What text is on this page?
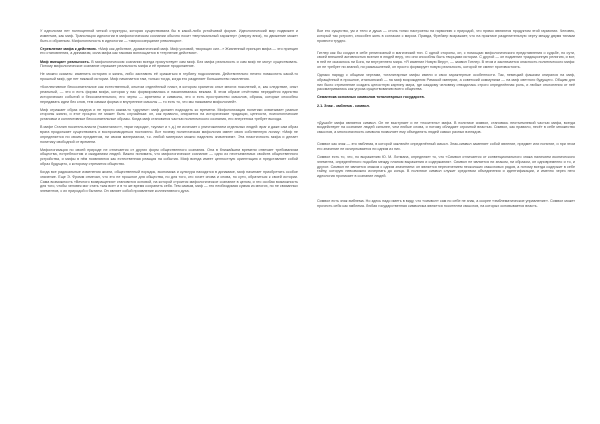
У идеологии нет полноценной четкой структуры, которая существовала бы в какой-либо устойчивой форме. Идеологический мир подвижен и изменчив, как миф. Трансляция идеологии в мифологическом сознании обычно носит «вертикальный характер» (сверху вниз), но движение может быть и обратным. Мифологичность в идеологии — «миросозерцание революции».

Стремление мифа к действию. «Миф как действие, драматический миф. Миф условий, творящих сил...» Жизненный принцип мифа — это принцип его становления, а динамизм, сила мифа как таковая воплощается в «терпение действия».

Миф вмещает реальность. В мифологическом сознании всегда присутствует сам миф. Без мифа реальность и сам миф не могут существовать. Потому мифологическое сознание отражает реальность мифа и её прямое продолжение.

Не можно сказать: изменить историю и жизнь, либо заставить её сражаться в глубину подсознания. Действительно нечего помыслить какой-то прошлый миф, где нет никакой истории. Миф начинается там, только тогда, когда его разделяет большинство населения.

«Коллективное бессознательное как естественный, опытом отделённый пласт, в котором хранится опыт многих поколений, и, как следствие, опыт реальный, — это и есть форма мифа, которая у нас формировалась и накапливалась веками. В этом образе отчётливо передаётся единство исторических событий и бессознательного, его черты — архетипы и символы, это и есть пространство смыслов, образы, которые способны передавать идеи без слов, тем самым форма и внутренние смыслы — то есть то, что мы называем мифологией».

Миф отражает образ лидера и не просто каким-то «другим»: миф должен подходить ко времени. Мифологизация политики охватывает разные стороны жизни, и этот процесс не может быть случайным: он, как правило, опирается на исторические традиции, ценности, психологические установки и коллективные бессознательные образы. Когда миф становится частью политического сознания, его энергетика требует выхода.

В мифе Сталин носитель власти («капиталист», «враг народа», «кулак» и т. д.) не исчезает с уничтожением отдельных людей: враг и даже сам образ врага продолжает существовать и воспроизводиться постоянно. Вот почему политическая мифология имеет свою собственную логику: «Миф не определяется ни своим предметом, ни своим материалом, т.к. любой материал можно наделить значением». Эта пластичность мифа и делает политику свободной от времени.

Мифологизация по своей природе не отличается от других форм общественного сознания. Она в ближайшем времени отвечает требованиям общества, потребностям и ожиданиям людей. Важно понимать, что мифологическое сознание — одно из неотъемлемых свойств общественного устройства, и мифы в нём появляются как естественная реакция на события. Миф всегда имеет ценностную ориентацию и представляет собой образ будущего, к которому стремится общество.

Когда все радикальные изменения жизни, общественный порядок, экономика и культура находятся в динамике, миф начинает приобретать особое значение. Еще Э. Фромм отмечал, что это не прошлое для общества, но для того, кто хочет снова и снова, по сути, обратиться к своей истории. Сама возможность «Вечного возвращения» становится основой, на которой строится мифологическое сознание в целом, и это особая возможность для того, чтобы человек мог стать «как все» и в то же время сохранить себя. Тем самым, миф — это необходимая сумма из многих, но не связанных элементов, с их природой и бытием. Он являет собой проявление коллективного духа.

Все его существо, ум и тело и душа — столь тонко настроены на гармонию с природой, что прямо являются продуктом этой гармонии. Человек, который так устроен, способен жить в согласии с миром. Правда, Фрейзер возражает, что на практике разделительную черту между двумя типами провести трудно.

Гитлер как бы создал в себе религиозный и магический тип. С одной стороны, он, с помощью мифологического представления о судьбе, по сути, своей внешней активностью вселил в людей веру, что они способны быть творцами истории. С другой — он подменил традиционную религию, и вот, в ней не оказалось ни Бога, ни внутреннего мира. «Я изменил Новую Веру», — заявил Гитлер. В этом и заключается опасность политического мифа: он не требует ни знаний, ни размышлений, он просто формирует новую реальность, которой не смеют противостоять.

Однако наряду с общими чертами, тоталитарные мифы имели и свои характерные особенности. Так, немецкий фашизм опирался на миф, обращённый в прошлое, итальянский — на миф возрождения Римской империи, а советский коммунизм — на миф светлого будущего. Общим для них было стремление создать целостную картину мира, где каждому человеку отводилась строго определённая роль, и любые отклонения от неё рассматривались как угроза существованию всего общества.

Семантика основных символов тоталитарных государств.

2.1. Знак - эмблема - символ.

«Душой» мифа является символ. Он не выступает и не «носитель» мифа. В политике символ, становясь неотъемлемой частью мифа, всегда воздействует на сознание людей сильнее, чем любые слова, и потому обладает огромной властью. Символ, как правило, несёт в себе множество смыслов, а многозначность символа позволяет ему объединять людей самых разных взглядов.

Символ как знак — это эмблема, в которой заключён определённый смысл. Знак-символ заменяет собой явление, предмет или понятие, и при этом его значение не исчерпывается ни одним из них.

Символ есть то, что, по выражению Ю. М. Лотмана, определяет то, что «Символ отличается от конвенционального знака наличием иконического элемента, определённого подобия между планом выражения и содержания». Символ не является ни знаком, ни образом, он одновременно и то, и другое. Символ не является знаком с одним значением: он является пересечением нескольких смысловых рядов, а потому всегда содержит в себе тайну, которую невозможно исчерпать до конца. В политике символ служит средством объединения и идентификации, и именно через него идеология проникает в сознание людей.

Символ есть знак эмблема. Но здесь надо иметь в виду, что «символ» сам по себе не знак, а скорее «эмблематическое управление». Символ может прочесть себя как эмблема. Любая государственная символика является носителем смыслов, на которых основывается власть.
